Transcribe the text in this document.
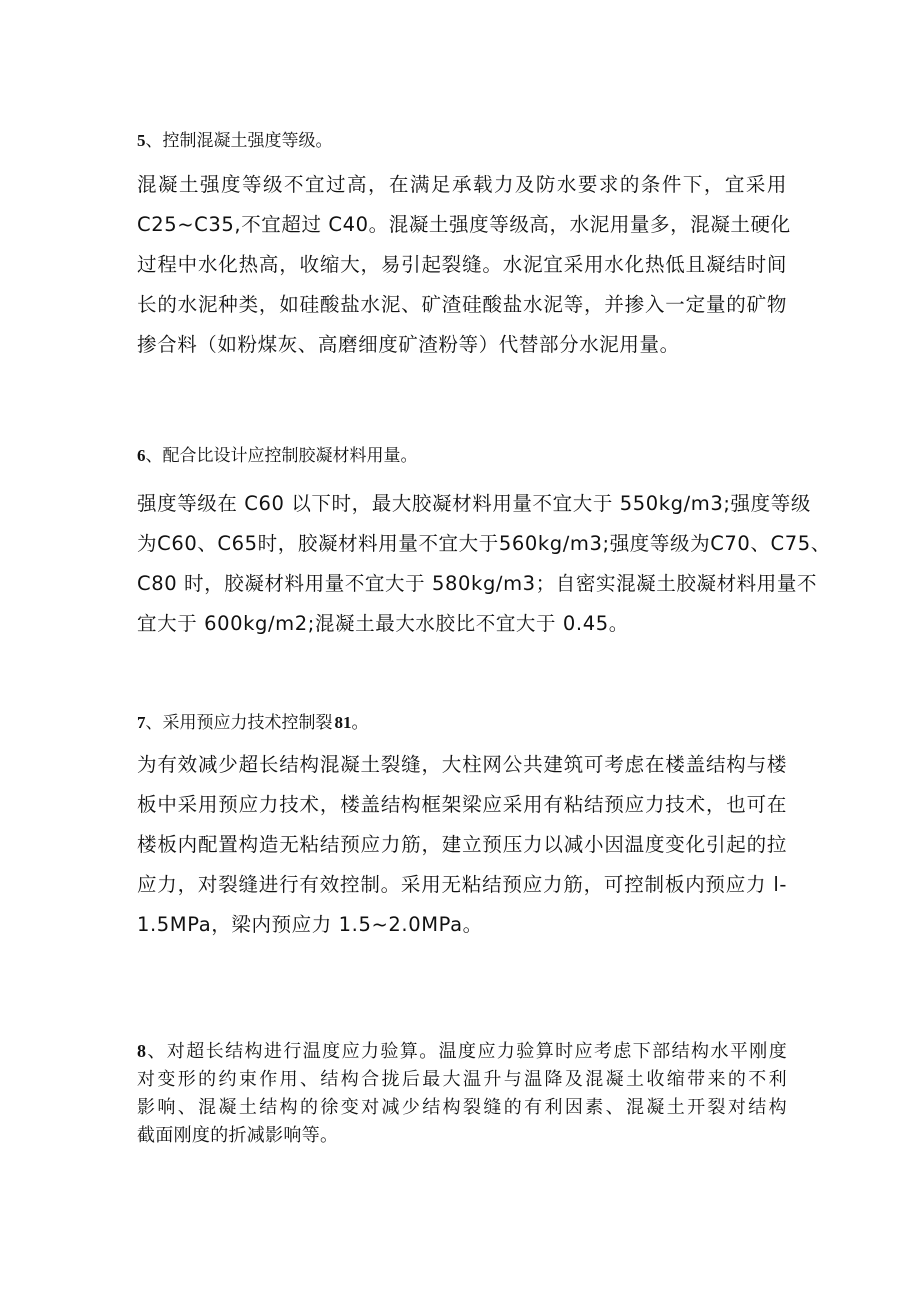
5、控制混凝土强度等级。

混凝土强度等级不宜过高，在满足承载力及防水要求的条件下，宜采用
C25~C35,不宜超过 C40。混凝土强度等级高，水泥用量多，混凝土硬化
过程中水化热高，收缩大，易引起裂缝。水泥宜采用水化热低且凝结时间
长的水泥种类，如硅酸盐水泥、矿渣硅酸盐水泥等，并掺入一定量的矿物
掺合料（如粉煤灰、高磨细度矿渣粉等）代替部分水泥用量。

6、配合比设计应控制胶凝材料用量。

强度等级在 C60 以下时，最大胶凝材料用量不宜大于 550kg∕m3;强度等级
为C60、C65时，胶凝材料用量不宜大于560kg∕m3;强度等级为C70、C75、
C80 时，胶凝材料用量不宜大于 580kg∕m3；自密实混凝土胶凝材料用量不
宜大于 600kg∕m2;混凝土最大水胶比不宜大于 0.45。

7、采用预应力技术控制裂 81。

为有效减少超长结构混凝土裂缝，大柱网公共建筑可考虑在楼盖结构与楼
板中采用预应力技术，楼盖结构框架梁应采用有粘结预应力技术，也可在
楼板内配置构造无粘结预应力筋，建立预压力以减小因温度变化引起的拉
应力，对裂缝进行有效控制。采用无粘结预应力筋，可控制板内预应力 l-
1.5MPa，梁内预应力 1.5~2.0MPa。

8、对超长结构进行温度应力验算。温度应力验算时应考虑下部结构水平刚度
对变形的约束作用、结构合拢后最大温升与温降及混凝土收缩带来的不利
影响、混凝土结构的徐变对减少结构裂缝的有利因素、混凝土开裂对结构
截面刚度的折减影响等。
